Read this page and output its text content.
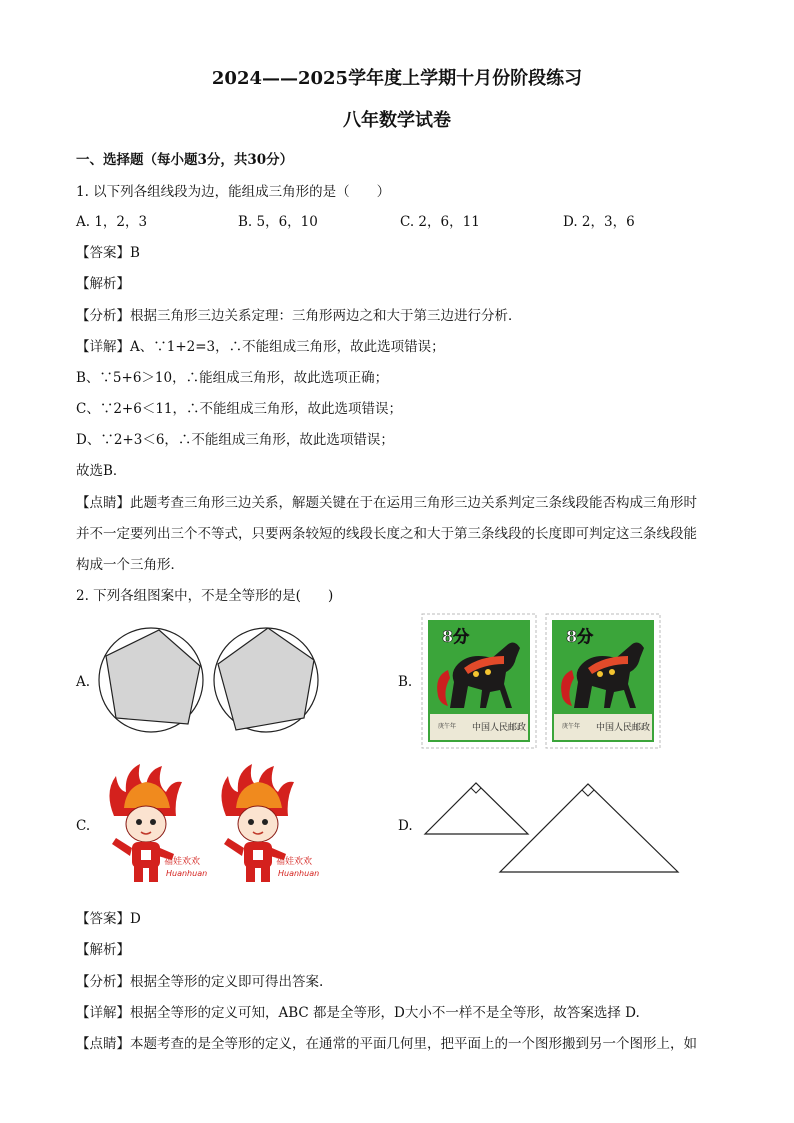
2024——2025学年度上学期十月份阶段练习
八年数学试卷
一、选择题（每小题3分，共30分）
1. 以下列各组线段为边，能组成三角形的是（　　）
A. 1，2，3	B. 5，6，10	C. 2，6，11	D. 2，3，6
【答案】B
【解析】
【分析】根据三角形三边关系定理：三角形两边之和大于第三边进行分析．
【详解】A、∵1+2=3，∴不能组成三角形，故此选项错误；
B、∵5+6＞10，∴能组成三角形，故此选项正确；
C、∵2+6＜11，∴不能组成三角形，故此选项错误；
D、∵2+3＜6，∴不能组成三角形，故此选项错误；
故选B．
【点睛】此题考查三角形三边关系，解题关键在于在运用三角形三边关系判定三条线段能否构成三角形时
并不一定要列出三个不等式，只要两条较短的线段长度之和大于第三条线段的长度即可判定这三条线段能
构成一个三角形．
2. 下列各组图案中，不是全等形的是(　　)
A.	B.
8分
庚午年 中国人民邮政
8分
庚午年 中国人民邮政
C.
福娃欢欢
Huanhuan
福娃欢欢
Huanhuan
D.
【答案】D
【解析】
【分析】根据全等形的定义即可得出答案.
【详解】根据全等形的定义可知，ABC 都是全等形，D大小不一样不是全等形，故答案选择 D.
【点睛】本题考查的是全等形的定义，在通常的平面几何里，把平面上的一个图形搬到另一个图形上，如
